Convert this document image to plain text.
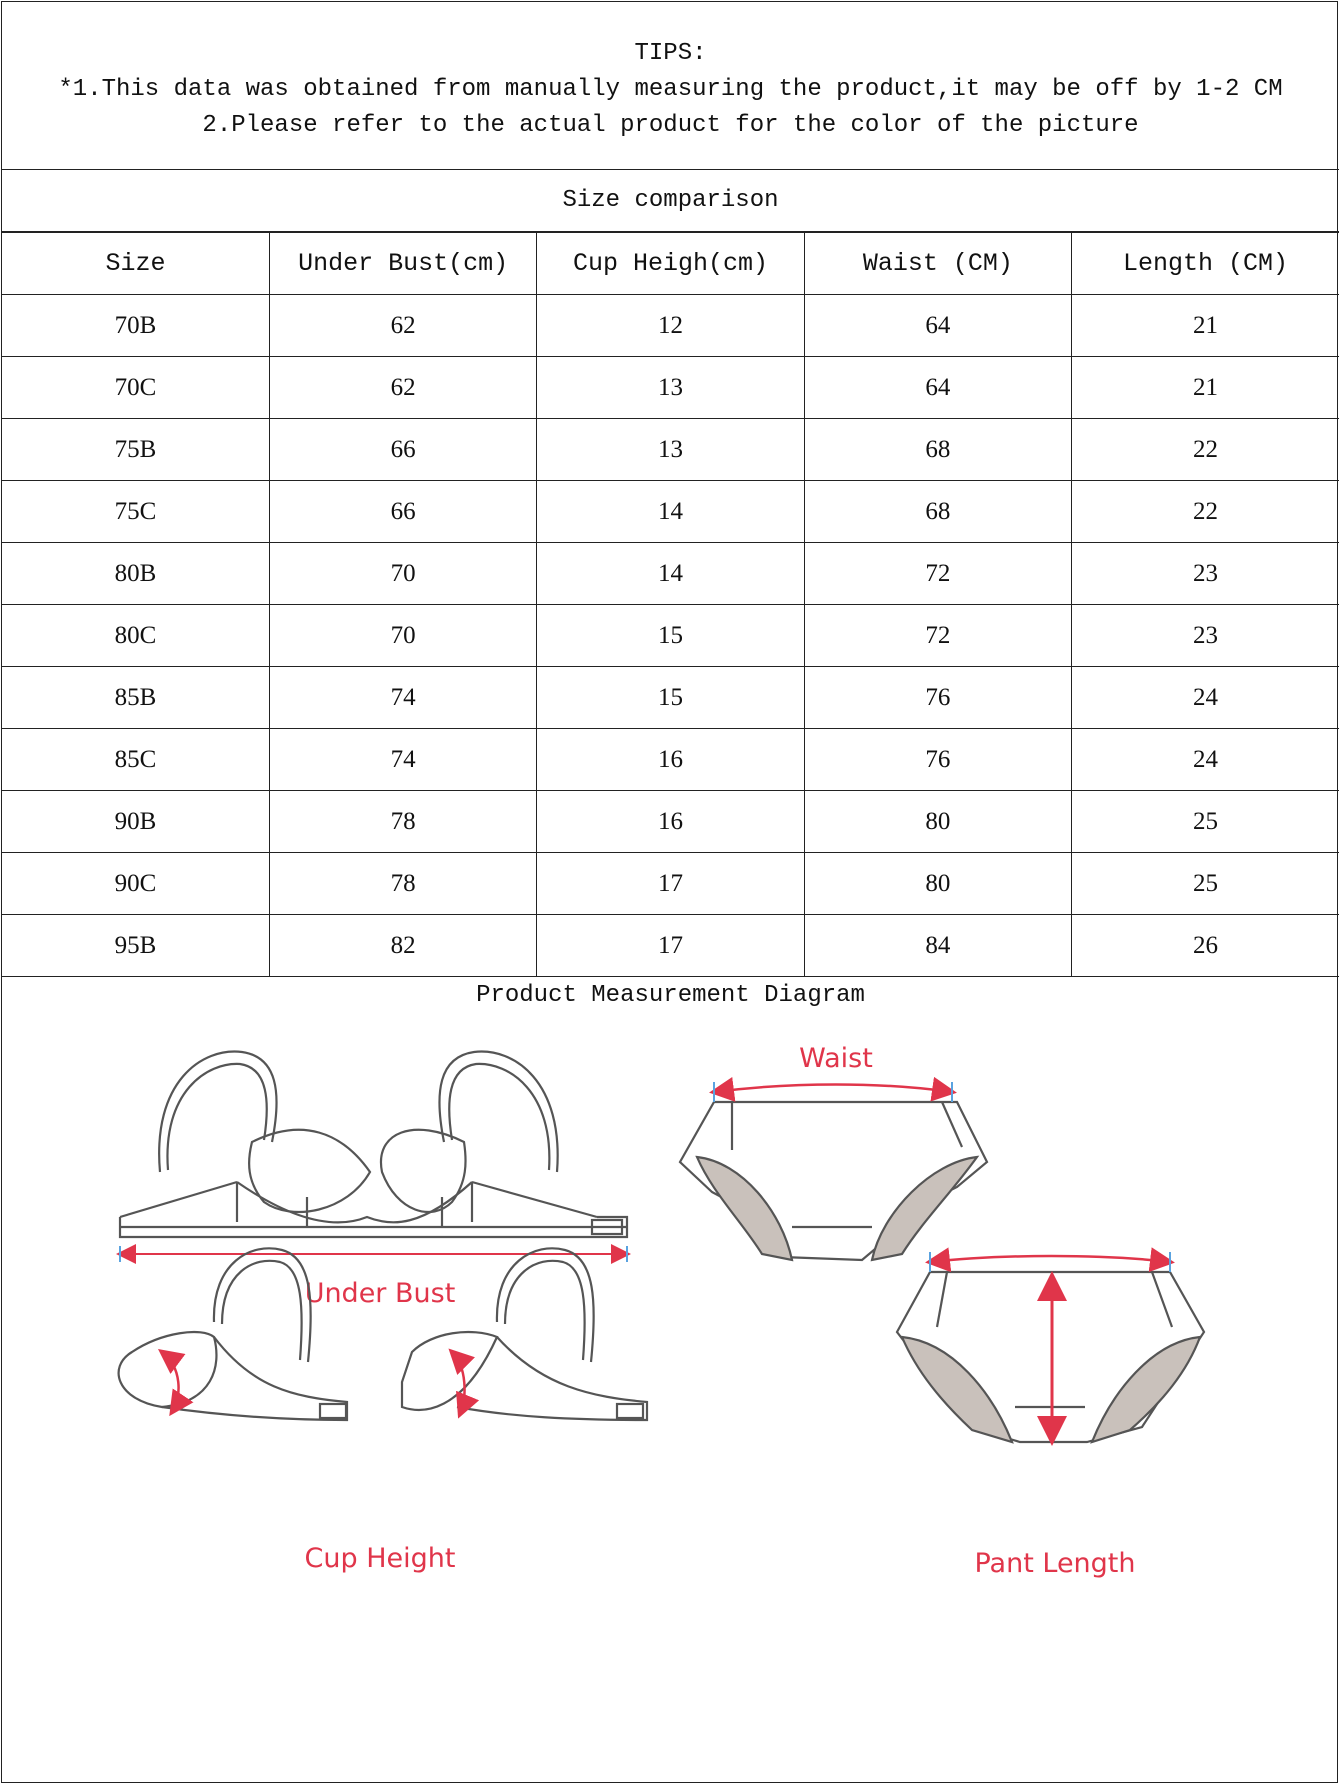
TIPS:
*1.This data was obtained from manually measuring the product,it may be off by 1-2 CM
2.Please refer to the actual product for the color of the picture
Size comparison
Size	Under Bust(cm)	Cup Heigh(cm)	Waist (CM)	Length (CM)
70B	62	12	64	21
70C	62	13	64	21
75B	66	13	68	22
75C	66	14	68	22
80B	70	14	72	23
80C	70	15	72	23
85B	74	15	76	24
85C	74	16	76	24
90B	78	16	80	25
90C	78	17	80	25
95B	82	17	84	26
Product Measurement Diagram
Under Bust
Cup Height
Waist
Pant Length
